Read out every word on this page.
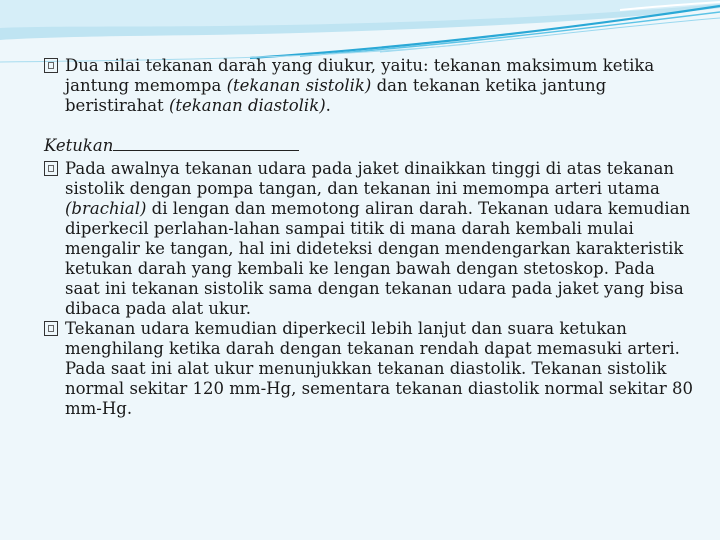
Dua nilai tekanan darah yang diukur, yaitu: tekanan maksimum ketika jantung memompa (tekanan sistolik) dan tekanan ketika jantung beristirahat (tekanan diastolik).

Ketukan

Pada awalnya tekanan udara pada jaket dinaikkan tinggi di atas tekanan sistolik dengan pompa tangan, dan tekanan ini memompa arteri utama (brachial) di lengan dan memotong aliran darah. Tekanan udara kemudian diperkecil perlahan-lahan sampai titik di mana darah kembali mulai mengalir ke tangan, hal ini dideteksi dengan mendengarkan karakteristik ketukan darah yang kembali ke lengan bawah dengan stetoskop. Pada saat ini tekanan sistolik sama dengan tekanan udara pada jaket yang bisa dibaca pada alat ukur.

Tekanan udara kemudian diperkecil lebih lanjut dan suara ketukan menghilang ketika darah dengan tekanan rendah dapat memasuki arteri. Pada saat ini alat ukur menunjukkan tekanan diastolik. Tekanan sistolik normal sekitar 120 mm-Hg, sementara tekanan diastolik normal sekitar 80 mm-Hg.
